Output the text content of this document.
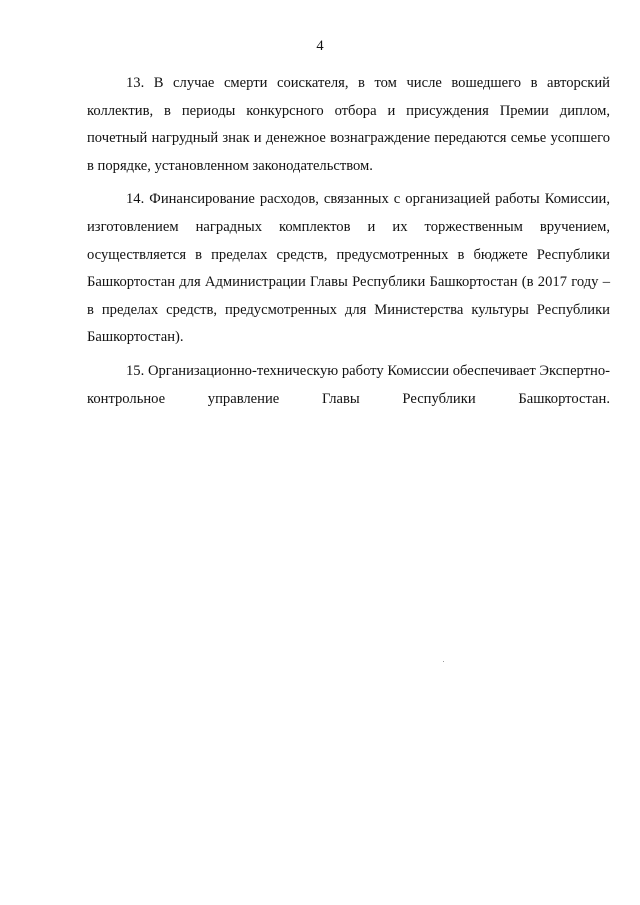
4

13. В случае смерти соискателя, в том числе вошедшего в авторский коллектив, в периоды конкурсного отбора и присуждения Премии диплом, почетный нагрудный знак и денежное вознаграждение передаются семье усопшего в порядке, установленном законодательством.

14. Финансирование расходов, связанных с организацией работы Комиссии, изготовлением наградных комплектов и их торжественным вручением, осуществляется в пределах средств, предусмотренных в бюджете Республики Башкортостан для Администрации Главы Республики Башкортостан (в 2017 году – в пределах средств, предусмотренных для Министерства культуры Республики Башкортостан).

15. Организационно-техническую работу Комиссии обеспечивает Экспертно-контрольное управление Главы Республики Башкортостан.
